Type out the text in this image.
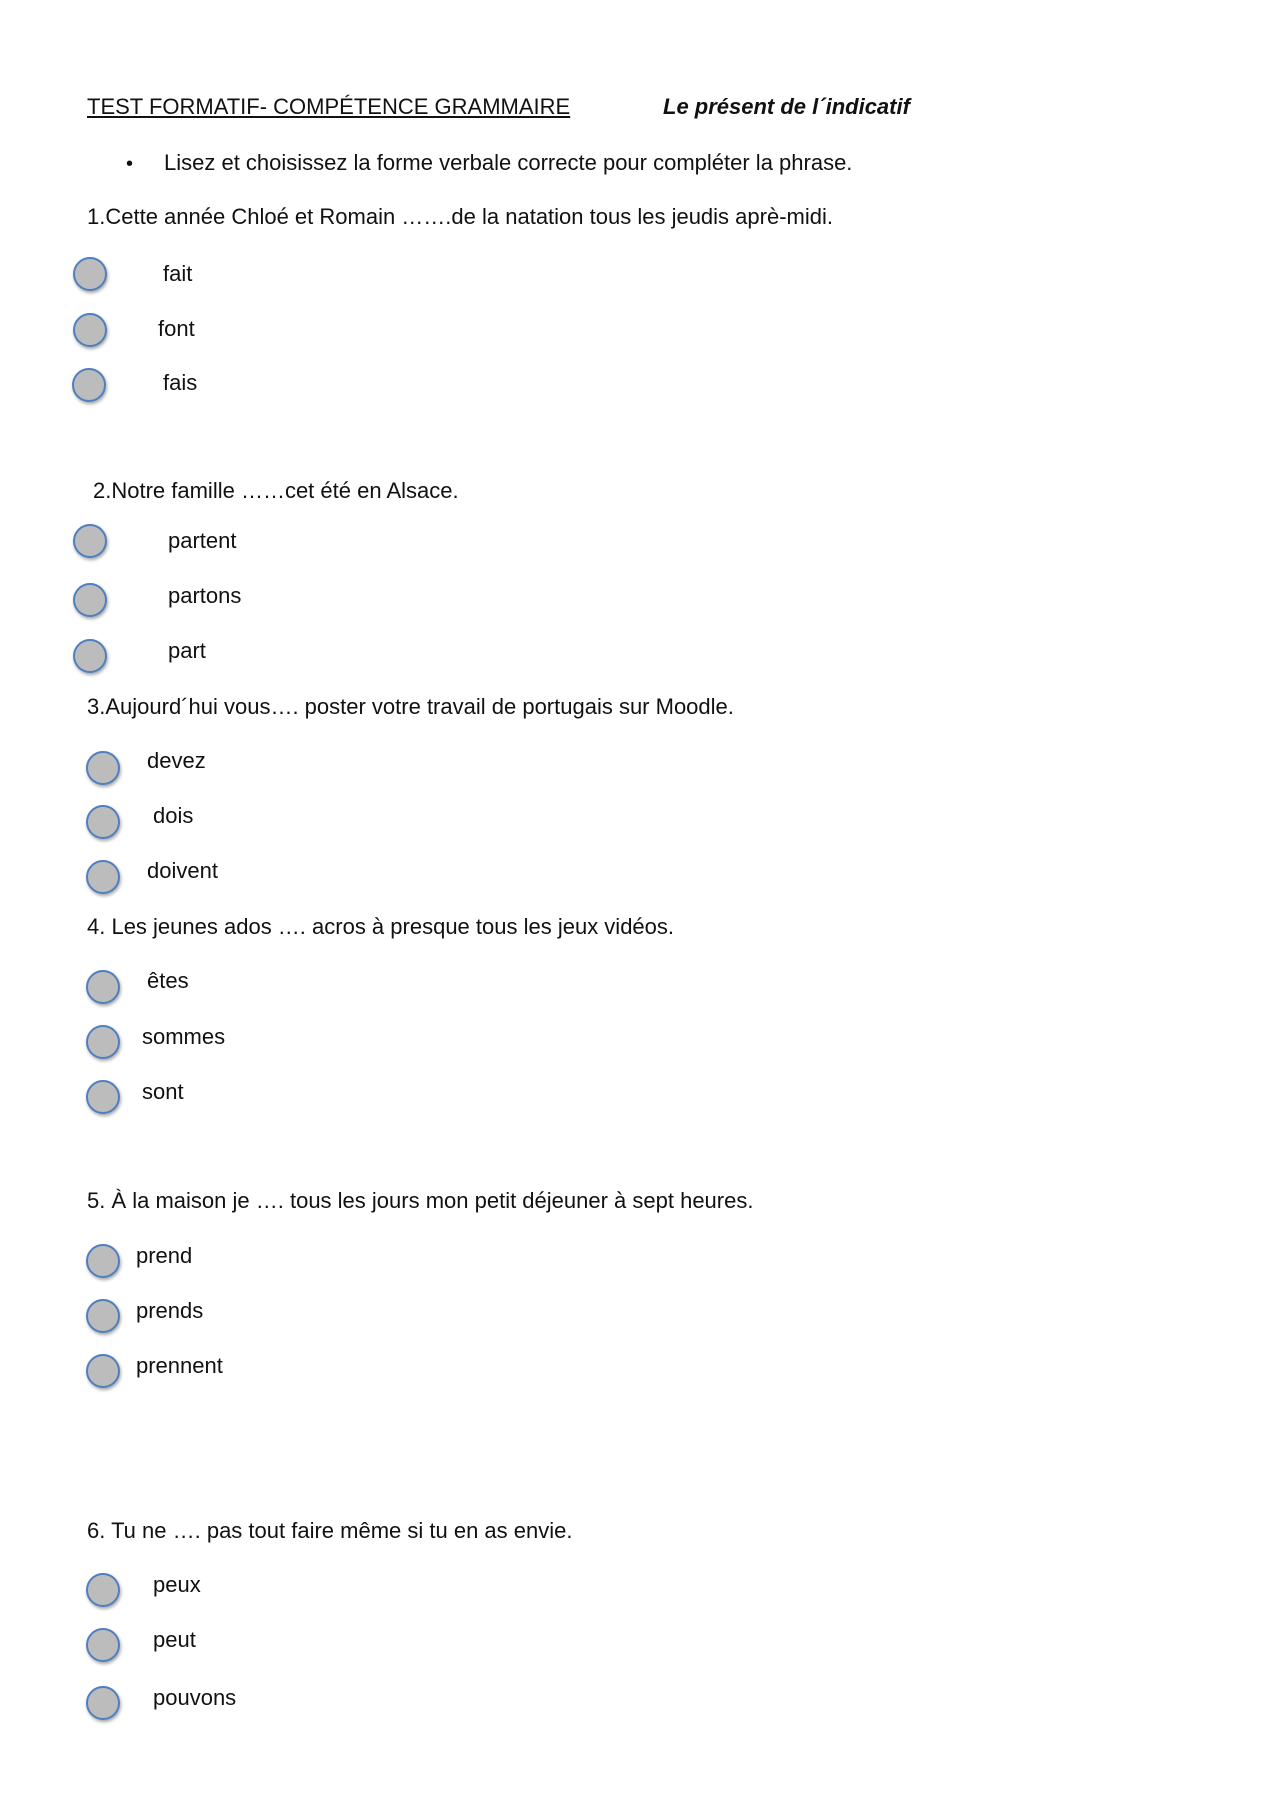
TEST FORMATIF- COMPÉTENCE GRAMMAIRE	Le présent de l´indicatif
• Lisez et choisissez la forme verbale correcte pour compléter la phrase.
1.Cette année Chloé et Romain …….de la natation tous les jeudis aprè-midi.
fait
font
fais
2.Notre famille ……cet été en Alsace.
partent
partons
part
3.Aujourd´hui vous…. poster votre travail de portugais sur Moodle.
devez
dois
doivent
4. Les jeunes ados …. acros à presque tous les jeux vidéos.
êtes
sommes
sont
5. À la maison je …. tous les jours mon petit déjeuner à sept heures.
prend
prends
prennent
6. Tu ne …. pas tout faire même si tu en as envie.
peux
peut
pouvons
